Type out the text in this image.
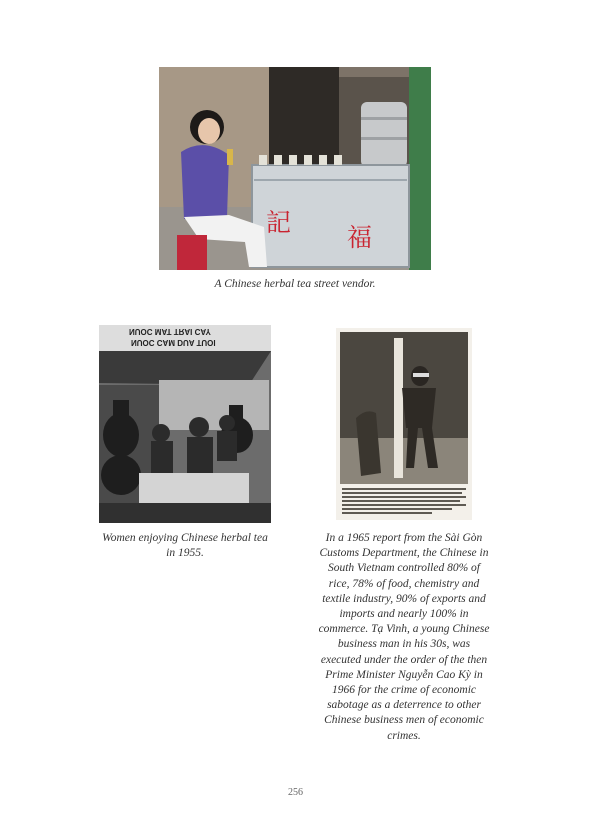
記
福
A Chinese herbal tea street vendor.
NUOC MAT TRAI CAY
NUOC CAM DUA TUOI
Women enjoying Chinese herbal tea
in 1955.
In a 1965 report from the Sài Gòn
Customs Department, the Chinese in
South Vietnam controlled 80% of
rice, 78% of food, chemistry and
textile industry, 90% of exports and
imports and nearly 100% in
commerce. Tạ Vinh, a young Chinese
business man in his 30s, was
executed under the order of the then
Prime Minister Nguyễn Cao Kỳ in
1966 for the crime of economic
sabotage as a deterrence to other
Chinese business men of economic
crimes.
256
